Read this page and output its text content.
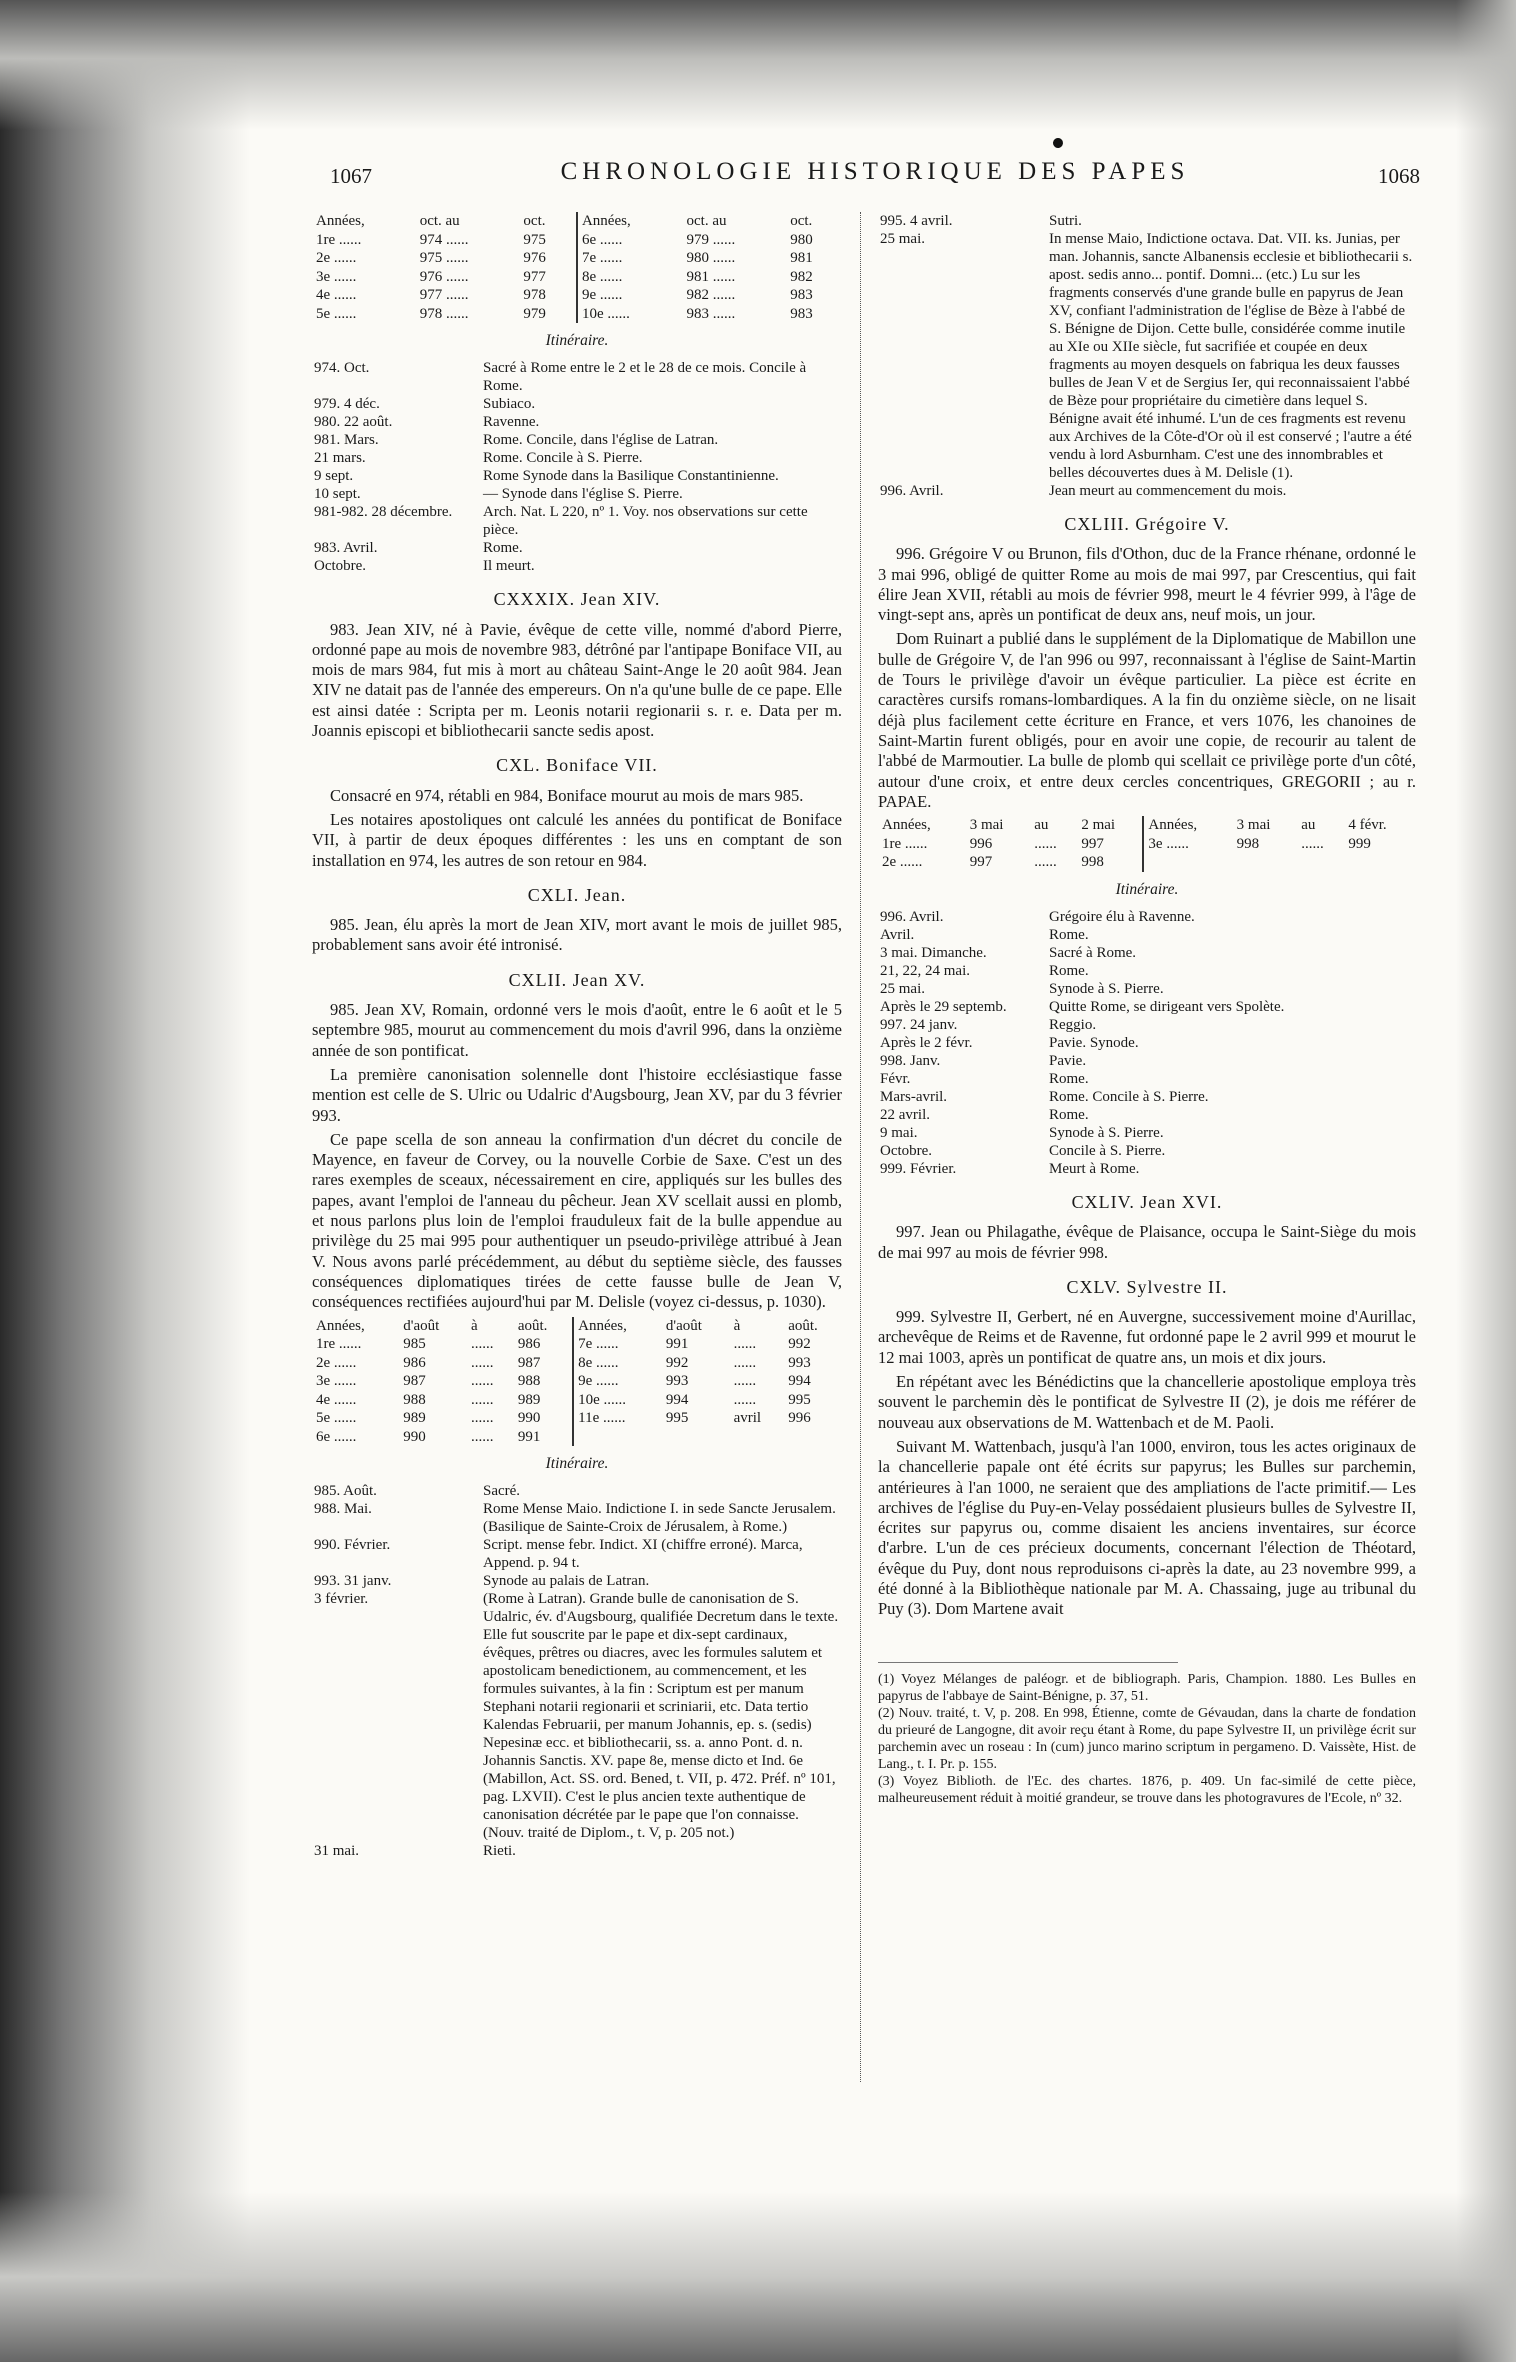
1067	CHRONOLOGIE HISTORIQUE DES PAPES	1068
Années,	oct. au	oct.	Années,	oct. au	oct.
1re ......	974 ......	975	6e ......	979 ......	980
2e ......	975 ......	976	7e ......	980 ......	981
3e ......	976 ......	977	8e ......	981 ......	982
4e ......	977 ......	978	9e ......	982 ......	983
5e ......	978 ......	979	10e ......	983 ......	983
Itinéraire.
974. Oct.	Sacré à Rome entre le 2 et le 28 de ce mois. Concile à Rome.
979. 4 déc.	Subiaco.
980. 22 août.	Ravenne.
981. Mars.	Rome. Concile, dans l'église de Latran.
21 mars.	Rome. Concile à S. Pierre.
9 sept.	Rome Synode dans la Basilique Constantinienne.
10 sept.	— Synode dans l'église S. Pierre.
981-982. 28 décembre.	Arch. Nat. L 220, nº 1. Voy. nos observations sur cette pièce.
983. Avril.	Rome.
Octobre.	Il meurt.
CXXXIX. Jean XIV.

983. Jean XIV, né à Pavie, évêque de cette ville, nommé d'abord Pierre, ordonné pape au mois de novembre 983, détrôné par l'antipape Boniface VII, au mois de mars 984, fut mis à mort au château Saint-Ange le 20 août 984. Jean XIV ne datait pas de l'année des empereurs. On n'a qu'une bulle de ce pape. Elle est ainsi datée : Scripta per m. Leonis notarii regionarii s. r. e. Data per m. Joannis episcopi et bibliothecarii sancte sedis apost.

CXL. Boniface VII.

Consacré en 974, rétabli en 984, Boniface mourut au mois de mars 985.

Les notaires apostoliques ont calculé les années du pontificat de Boniface VII, à partir de deux époques différentes : les uns en comptant de son installation en 974, les autres de son retour en 984.

CXLI. Jean.

985. Jean, élu après la mort de Jean XIV, mort avant le mois de juillet 985, probablement sans avoir été intronisé.

CXLII. Jean XV.

985. Jean XV, Romain, ordonné vers le mois d'août, entre le 6 août et le 5 septembre 985, mourut au commencement du mois d'avril 996, dans la onzième année de son pontificat.

La première canonisation solennelle dont l'histoire ecclésiastique fasse mention est celle de S. Ulric ou Udalric d'Augsbourg, Jean XV, par du 3 février 993.

Ce pape scella de son anneau la confirmation d'un décret du concile de Mayence, en faveur de Corvey, ou la nouvelle Corbie de Saxe. C'est un des rares exemples de sceaux, nécessairement en cire, appliqués sur les bulles des papes, avant l'emploi de l'anneau du pêcheur. Jean XV scellait aussi en plomb, et nous parlons plus loin de l'emploi frauduleux fait de la bulle appendue au privilège du 25 mai 995 pour authentiquer un pseudo-privilège attribué à Jean V. Nous avons parlé précédemment, au début du septième siècle, des fausses conséquences diplomatiques tirées de cette fausse bulle de Jean V, conséquences rectifiées aujourd'hui par M. Delisle (voyez ci-dessus, p. 1030).

Années,	d'août	à	août.	Années,	d'août	à	août.
1re ......	985	......	986	7e ......	991	......	992
2e ......	986	......	987	8e ......	992	......	993
3e ......	987	......	988	9e ......	993	......	994
4e ......	988	......	989	10e ......	994	......	995
5e ......	989	......	990	11e ......	995	avril	996
6e ......	990	......	991				
Itinéraire.
985. Août.	Sacré.
988. Mai.	Rome Mense Maio. Indictione I. in sede Sancte Jerusalem. (Basilique de Sainte-Croix de Jérusalem, à Rome.)
990. Février.	Script. mense febr. Indict. XI (chiffre erroné). Marca, Append. p. 94 t.
993. 31 janv.	Synode au palais de Latran.
3 février.	(Rome à Latran). Grande bulle de canonisation de S. Udalric, év. d'Augsbourg, qualifiée Decretum dans le texte. Elle fut souscrite par le pape et dix-sept cardinaux, évêques, prêtres ou diacres, avec les formules salutem et apostolicam benedictionem, au commencement, et les formules suivantes, à la fin : Scriptum est per manum Stephani notarii regionarii et scriniarii, etc. Data tertio Kalendas Februarii, per manum Johannis, ep. s. (sedis) Nepesinæ ecc. et bibliothecarii, ss. a. anno Pont. d. n. Johannis Sanctis. XV. pape 8e, mense dicto et Ind. 6e (Mabillon, Act. SS. ord. Bened, t. VII, p. 472. Préf. nº 101, pag. LXVII). C'est le plus ancien texte authentique de canonisation décrétée par le pape que l'on connaisse. (Nouv. traité de Diplom., t. V, p. 205 not.)
31 mai.	Rieti.
995. 4 avril.	Sutri.
25 mai.	In mense Maio, Indictione octava. Dat. VII. ks. Junias, per man. Johannis, sancte Albanensis ecclesie et bibliothecarii s. apost. sedis anno... pontif. Domni... (etc.) Lu sur les fragments conservés d'une grande bulle en papyrus de Jean XV, confiant l'administration de l'église de Bèze à l'abbé de S. Bénigne de Dijon. Cette bulle, considérée comme inutile au XIe ou XIIe siècle, fut sacrifiée et coupée en deux fragments au moyen desquels on fabriqua les deux fausses bulles de Jean V et de Sergius Ier, qui reconnaissaient l'abbé de Bèze pour propriétaire du cimetière dans lequel S. Bénigne avait été inhumé. L'un de ces fragments est revenu aux Archives de la Côte-d'Or où il est conservé ; l'autre a été vendu à lord Asburnham. C'est une des innombrables et belles découvertes dues à M. Delisle (1).
996. Avril.	Jean meurt au commencement du mois.
CXLIII. Grégoire V.

996. Grégoire V ou Brunon, fils d'Othon, duc de la France rhénane, ordonné le 3 mai 996, obligé de quitter Rome au mois de mai 997, par Crescentius, qui fait élire Jean XVII, rétabli au mois de février 998, meurt le 4 février 999, à l'âge de vingt-sept ans, après un pontificat de deux ans, neuf mois, un jour.

Dom Ruinart a publié dans le supplément de la Diplomatique de Mabillon une bulle de Grégoire V, de l'an 996 ou 997, reconnaissant à l'église de Saint-Martin de Tours le privilège d'avoir un évêque particulier. La pièce est écrite en caractères cursifs romans-lombardiques. A la fin du onzième siècle, on ne lisait déjà plus facilement cette écriture en France, et vers 1076, les chanoines de Saint-Martin furent obligés, pour en avoir une copie, de recourir au talent de l'abbé de Marmoutier. La bulle de plomb qui scellait ce privilège porte d'un côté, autour d'une croix, et entre deux cercles concentriques, GREGORII ; au r. PAPAE.

Années,	3 mai	au	2 mai	Années,	3 mai	au	4 févr.
1re ......	996	......	997	3e ......	998	......	999
2e ......	997	......	998				
Itinéraire.
996. Avril.	Grégoire élu à Ravenne.
Avril.	Rome.
3 mai. Dimanche.	Sacré à Rome.
21, 22, 24 mai.	Rome.
25 mai.	Synode à S. Pierre.
Après le 29 septemb.	Quitte Rome, se dirigeant vers Spolète.
997. 24 janv.	Reggio.
Après le 2 févr.	Pavie. Synode.
998. Janv.	Pavie.
Févr.	Rome.
Mars-avril.	Rome. Concile à S. Pierre.
22 avril.	Rome.
9 mai.	Synode à S. Pierre.
Octobre.	Concile à S. Pierre.
999. Février.	Meurt à Rome.
CXLIV. Jean XVI.

997. Jean ou Philagathe, évêque de Plaisance, occupa le Saint-Siège du mois de mai 997 au mois de février 998.

CXLV. Sylvestre II.

999. Sylvestre II, Gerbert, né en Auvergne, successivement moine d'Aurillac, archevêque de Reims et de Ravenne, fut ordonné pape le 2 avril 999 et mourut le 12 mai 1003, après un pontificat de quatre ans, un mois et dix jours.

En répétant avec les Bénédictins que la chancellerie apostolique employa très souvent le parchemin dès le pontificat de Sylvestre II (2), je dois me référer de nouveau aux observations de M. Wattenbach et de M. Paoli.

Suivant M. Wattenbach, jusqu'à l'an 1000, environ, tous les actes originaux de la chancellerie papale ont été écrits sur papyrus; les Bulles sur parchemin, antérieures à l'an 1000, ne seraient que des ampliations de l'acte primitif.— Les archives de l'église du Puy-en-Velay possédaient plusieurs bulles de Sylvestre II, écrites sur papyrus ou, comme disaient les anciens inventaires, sur écorce d'arbre. L'un de ces précieux documents, concernant l'élection de Théotard, évêque du Puy, dont nous reproduisons ci-après la date, au 23 novembre 999, a été donné à la Bibliothèque nationale par M. A. Chassaing, juge au tribunal du Puy (3). Dom Martene avait

(1) Voyez Mélanges de paléogr. et de bibliograph. Paris, Champion. 1880. Les Bulles en papyrus de l'abbaye de Saint-Bénigne, p. 37, 51.

(2) Nouv. traité, t. V, p. 208. En 998, Étienne, comte de Gévaudan, dans la charte de fondation du prieuré de Langogne, dit avoir reçu étant à Rome, du pape Sylvestre II, un privilège écrit sur parchemin avec un roseau : In (cum) junco marino scriptum in pergameno. D. Vaissète, Hist. de Lang., t. I. Pr. p. 155.

(3) Voyez Biblioth. de l'Ec. des chartes. 1876, p. 409. Un fac-similé de cette pièce, malheureusement réduit à moitié grandeur, se trouve dans les photogravures de l'Ecole, nº 32.
